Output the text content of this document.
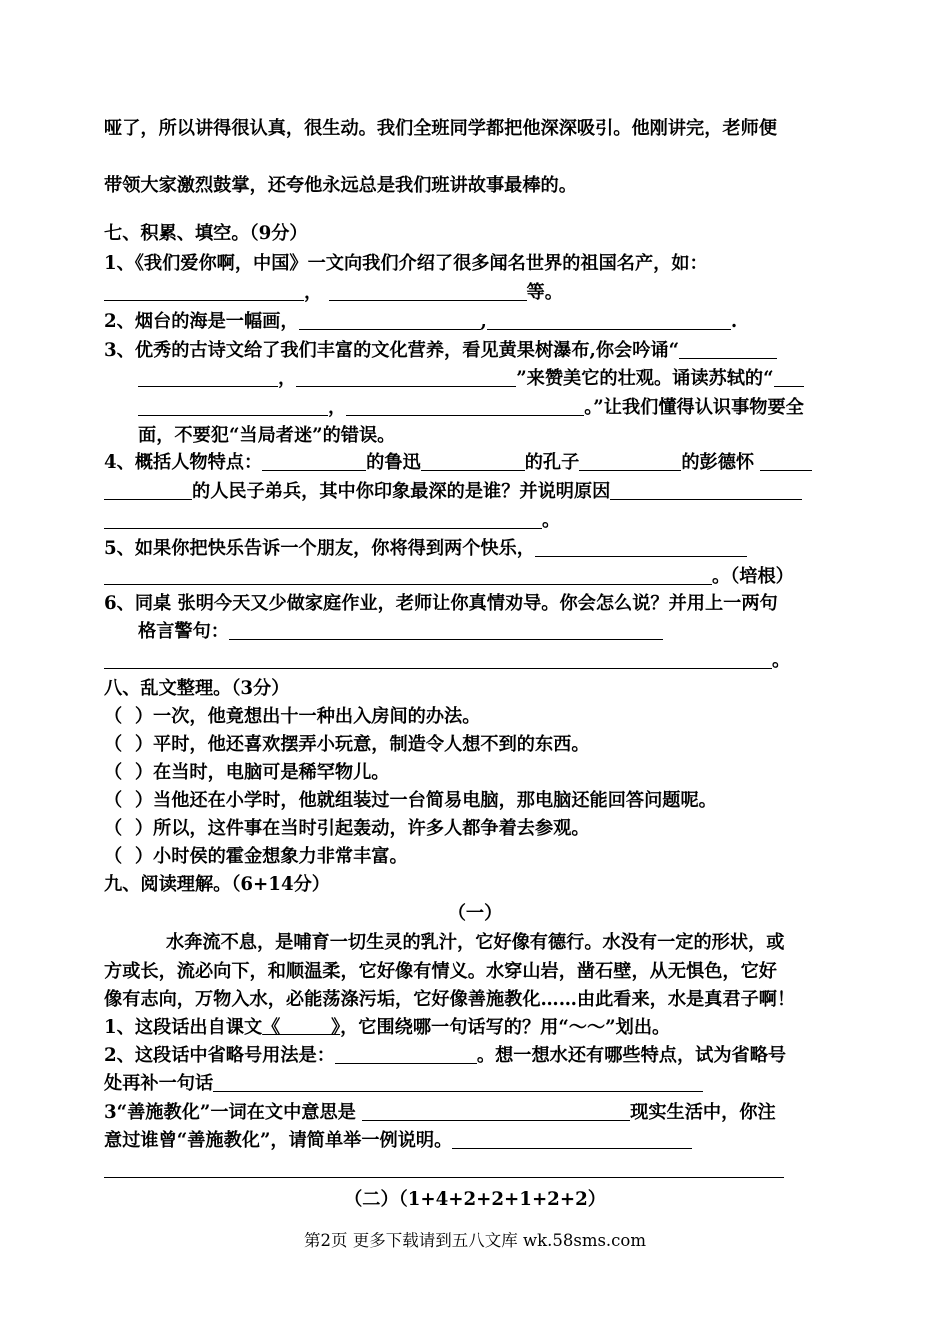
哑了，所以讲得很认真，很生动。我们全班同学都把他深深吸引。他刚讲完，老师便
带领大家激烈鼓掌，还夸他永远总是我们班讲故事最棒的。
七、积累、填空。（9分）
1、《我们爱你啊，中国》一文向我们介绍了很多闻名世界的祖国名产，如：
，	等。
2、烟台的海是一幅画，	,	.
3、优秀的古诗文给了我们丰富的文化营养，看见黄果树瀑布,你会吟诵“
，	”来赞美它的壮观。诵读苏轼的“
，	。”让我们懂得认识事物要全
面，不要犯“当局者迷”的错误。
4、概括人物特点：	的鲁迅	的孔子	的彭德怀
的人民子弟兵，其中你印象最深的是谁？并说明原因
。
5、如果你把快乐告诉一个朋友，你将得到两个快乐，
。（培根）
6、同桌 张明今天又少做家庭作业，老师让你真情劝导。你会怎么说？并用上一两句
格言警句：
。
八、乱文整理。（3分）
（  ）一次，他竟想出十一种出入房间的办法。
（  ）平时，他还喜欢摆弄小玩意，制造令人想不到的东西。
（  ）在当时，电脑可是稀罕物儿。
（  ）当他还在小学时，他就组装过一台简易电脑，那电脑还能回答问题呢。
（  ）所以，这件事在当时引起轰动，许多人都争着去参观。
（  ）小时侯的霍金想象力非常丰富。
九、阅读理解。（6+14分）
（一）
水奔流不息，是哺育一切生灵的乳汁，它好像有德行。水没有一定的形状，或
方或长，流必向下，和顺温柔，它好像有情义。水穿山岩，凿石壁，从无惧色，它好
像有志向，万物入水，必能荡涤污垢，它好像善施教化……由此看来，水是真君子啊！
1、这段话出自课文《        》，它围绕哪一句话写的？用“～～”划出。
2、这段话中省略号用法是：	。想一想水还有哪些特点，试为省略号
处再补一句话
3“善施教化”一词在文中意思是	现实生活中，你注
意过谁曾“善施教化”，请简单举一例说明。
（二）（1+4+2+2+1+2+2）
第2页 更多下载请到五八文库 wk.58sms.com
